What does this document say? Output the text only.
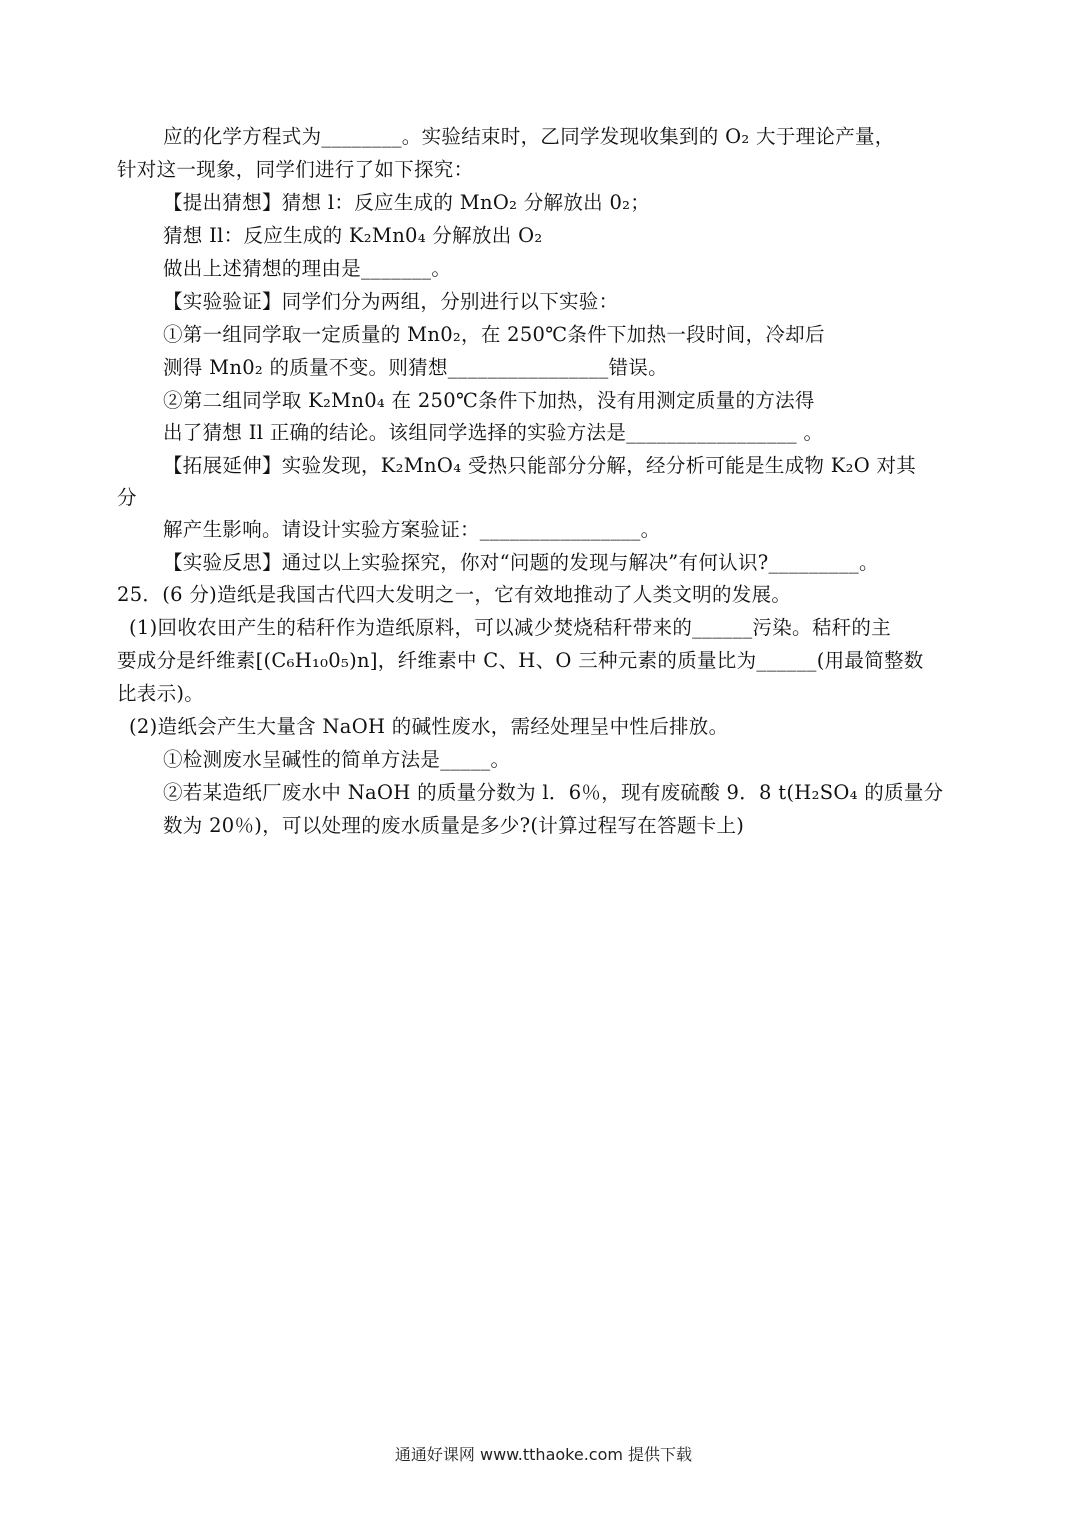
应的化学方程式为________。实验结束时，乙同学发现收集到的 O₂ 大于理论产量，
针对这一现象，同学们进行了如下探究：
【提出猜想】猜想 l：反应生成的 MnO₂ 分解放出 0₂；
猜想 Il：反应生成的 K₂Mn0₄ 分解放出 O₂
做出上述猜想的理由是_______。
【实验验证】同学们分为两组，分别进行以下实验：
①第一组同学取一定质量的 Mn0₂，在 250℃条件下加热一段时间，冷却后
测得 Mn0₂ 的质量不变。则猜想________________错误。
②第二组同学取 K₂Mn0₄ 在 250℃条件下加热，没有用测定质量的方法得
出了猜想 Il 正确的结论。该组同学选择的实验方法是_________________ 。
【拓展延伸】实验发现，K₂MnO₄ 受热只能部分分解，经分析可能是生成物 K₂O 对其
分
解产生影响。请设计实验方案验证：________________。
【实验反思】通过以上实验探究，你对“问题的发现与解决”有何认识?_________。
25．(6 分)造纸是我国古代四大发明之一，它有效地推动了人类文明的发展。
(1)回收农田产生的秸秆作为造纸原料，可以减少焚烧秸秆带来的______污染。秸秆的主
要成分是纤维素[(C₆H₁₀0₅)n]，纤维素中 C、H、O 三种元素的质量比为______(用最简整数
比表示)。
(2)造纸会产生大量含 NaOH 的碱性废水，需经处理呈中性后排放。
①检测废水呈碱性的简单方法是_____。
②若某造纸厂废水中 NaOH 的质量分数为 l．6％，现有废硫酸 9．8 t(H₂SO₄ 的质量分
数为 20％)，可以处理的废水质量是多少?(计算过程写在答题卡上)
通通好课网 www.tthaoke.com 提供下载
